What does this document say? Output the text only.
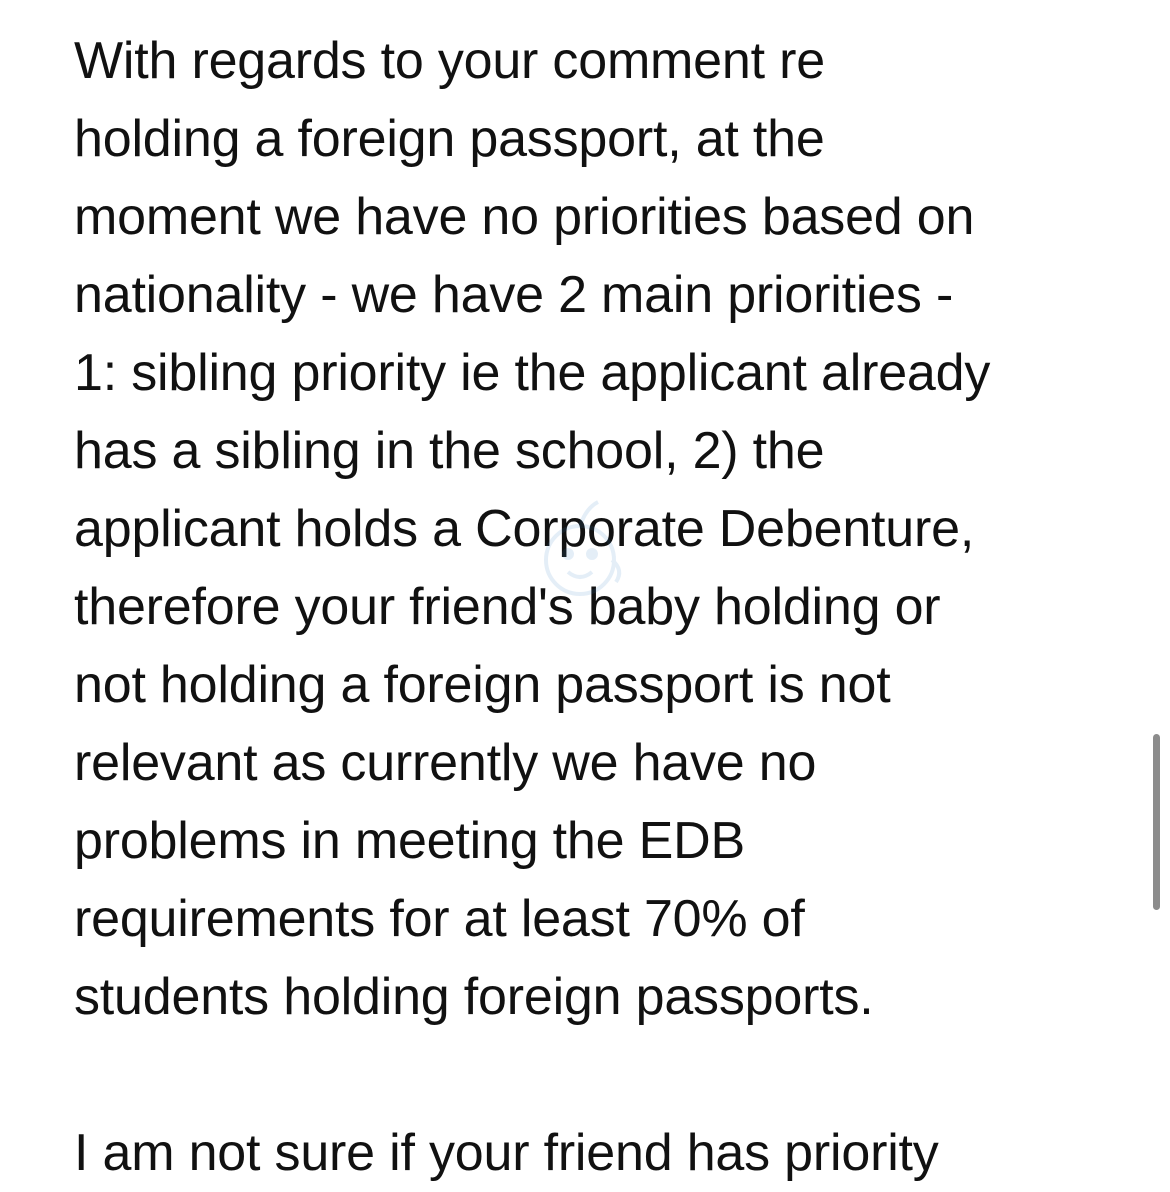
With regards to your comment re
holding a foreign passport, at the
moment we have no priorities based on
nationality - we have 2 main priorities -
1: sibling priority ie the applicant already
has a sibling in the school, 2) the
applicant holds a Corporate Debenture,
therefore your friend's baby holding or
not holding a foreign passport is not
relevant as currently we have no
problems in meeting the EDB
requirements for at least 70% of
students holding foreign passports.
I am not sure if your friend has priority
